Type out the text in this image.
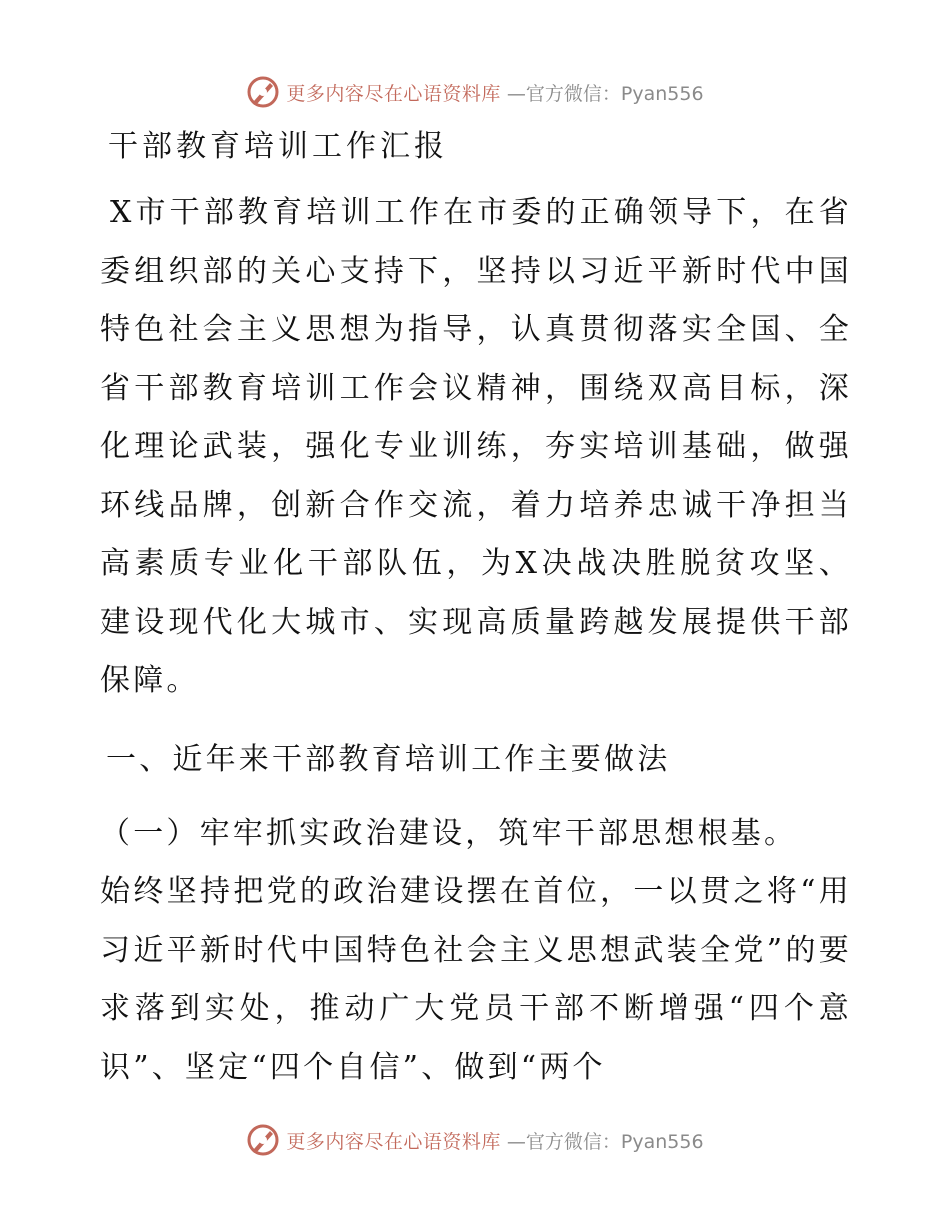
更多内容尽在心语资料库 —官方微信：Pyan556
干部教育培训工作汇报

X市干部教育培训工作在市委的正确领导下，在省委组织部的关心支持下，坚持以习近平新时代中国特色社会主义思想为指导，认真贯彻落实全国、全省干部教育培训工作会议精神，围绕双高目标，深化理论武装，强化专业训练，夯实培训基础，做强环线品牌，创新合作交流，着力培养忠诚干净担当高素质专业化干部队伍，为X决战决胜脱贫攻坚、建设现代化大城市、实现高质量跨越发展提供干部保障。

一、近年来干部教育培训工作主要做法

（一）牢牢抓实政治建设，筑牢干部思想根基。

始终坚持把党的政治建设摆在首位，一以贯之将“用习近平新时代中国特色社会主义思想武装全党”的要求落到实处，推动广大党员干部不断增强“四个意识”、坚定“四个自信”、做到“两个

更多内容尽在心语资料库 —官方微信：Pyan556
